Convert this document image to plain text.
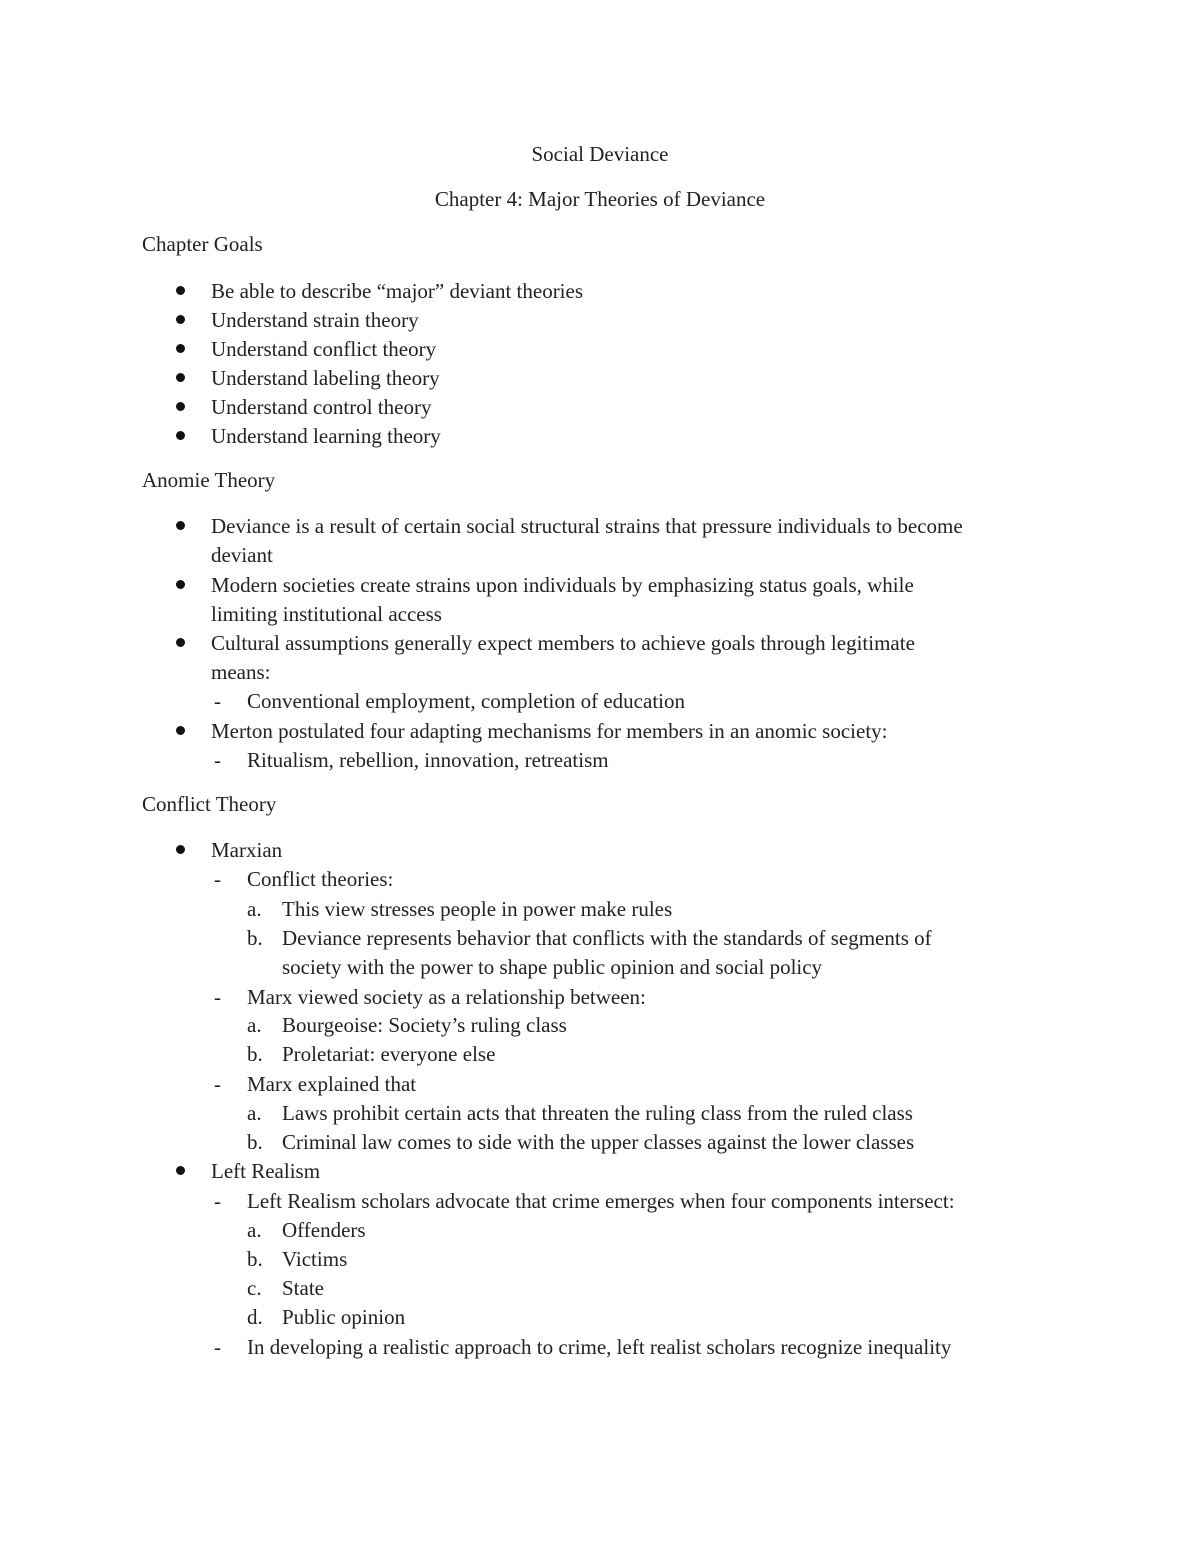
Social Deviance
Chapter 4: Major Theories of Deviance
Chapter Goals
Be able to describe “major” deviant theories
Understand strain theory
Understand conflict theory
Understand labeling theory
Understand control theory
Understand learning theory
Anomie Theory
Deviance is a result of certain social structural strains that pressure individuals to become
deviant
Modern societies create strains upon individuals by emphasizing status goals, while
limiting institutional access
Cultural assumptions generally expect members to achieve goals through legitimate
means:
- Conventional employment, completion of education
Merton postulated four adapting mechanisms for members in an anomic society:
- Ritualism, rebellion, innovation, retreatism
Conflict Theory
Marxian
- Conflict theories:
a. This view stresses people in power make rules
b. Deviance represents behavior that conflicts with the standards of segments of
society with the power to shape public opinion and social policy
- Marx viewed society as a relationship between:
a. Bourgeoise: Society’s ruling class
b. Proletariat: everyone else
- Marx explained that
a. Laws prohibit certain acts that threaten the ruling class from the ruled class
b. Criminal law comes to side with the upper classes against the lower classes
Left Realism
- Left Realism scholars advocate that crime emerges when four components intersect:
a. Offenders
b. Victims
c. State
d. Public opinion
- In developing a realistic approach to crime, left realist scholars recognize inequality
